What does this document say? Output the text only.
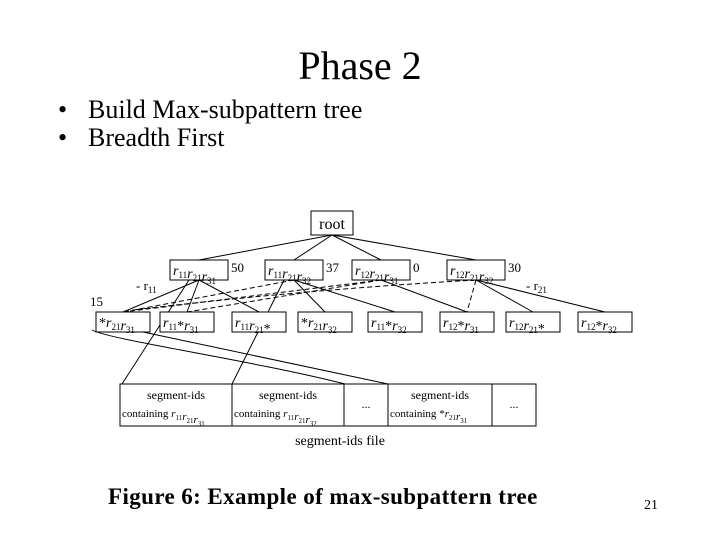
Phase 2
• Build Max-subpattern tree
• Breadth First
root
$r_{11}r_{21}r_{31}$
50 $r_{11}r_{21}r_{32}$
37 $r_{12}r_{21}r_{31}$
0 $r_{12}r_{21}r_{32}$
30
- $r_{11}$	- $r_{21}$
15
$*r_{21}r_{31}$ $r_{11}*r_{31}$	$r_{11}r_{21}*$ $*r_{21}r_{32}$ $r_{11}*r_{32}$	$r_{12}*r_{31}$ $r_{12}r_{21}*$	$r_{12}*r_{32}$
segment-ids
containing $r_{11}r_{21}r_{31}$
segment-ids
containing $r_{11}r_{21}r_{32}$
...
segment-ids
containing $*r_{21}r_{31}$
...
segment-ids file
Figure 6: Example of max-subpattern tree	21
